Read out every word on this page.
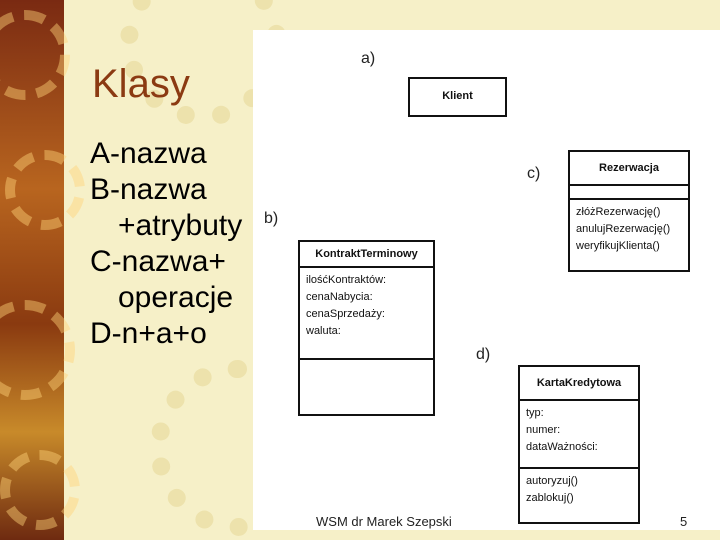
Klasy
A-nazwa
B-nazwa
+atrybuty
C-nazwa+
operacje
D-n+a+o
a)
b)
c)
d)
Klient
KontraktTerminowy
ilośćKontraktów:
cenaNabycia:
cenaSprzedaży:
waluta:
Rezerwacja
złóżRezerwację()
anulujRezerwację()
weryfikujKlienta()
KartaKredytowa
typ:
numer:
dataWażności:
autoryzuj()
zablokuj()
WSM dr Marek Szepski	5
